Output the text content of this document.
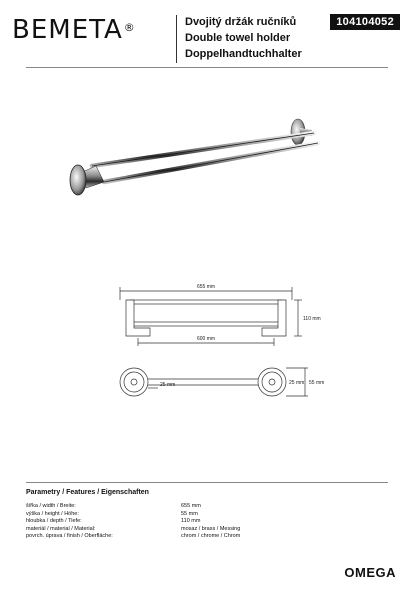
BEMETA®	Dvojitý držák ručníků
Double towel holder
Doppelhandtuchhalter
104104052
655 mm
110 mm
600 mm
25 mm	25 mm 55 mm
Parametry / Features / Eigenschaften
šířka / width / Breite:	655 mm
výška / height / Höhe:	55 mm
hloubka / depth / Tiefe:	110 mm
materiál / material / Material:	mosaz / brass / Messing
povrch. úprava / finish / Oberfläche:	chrom / chrome / Chrom
OMEGA
